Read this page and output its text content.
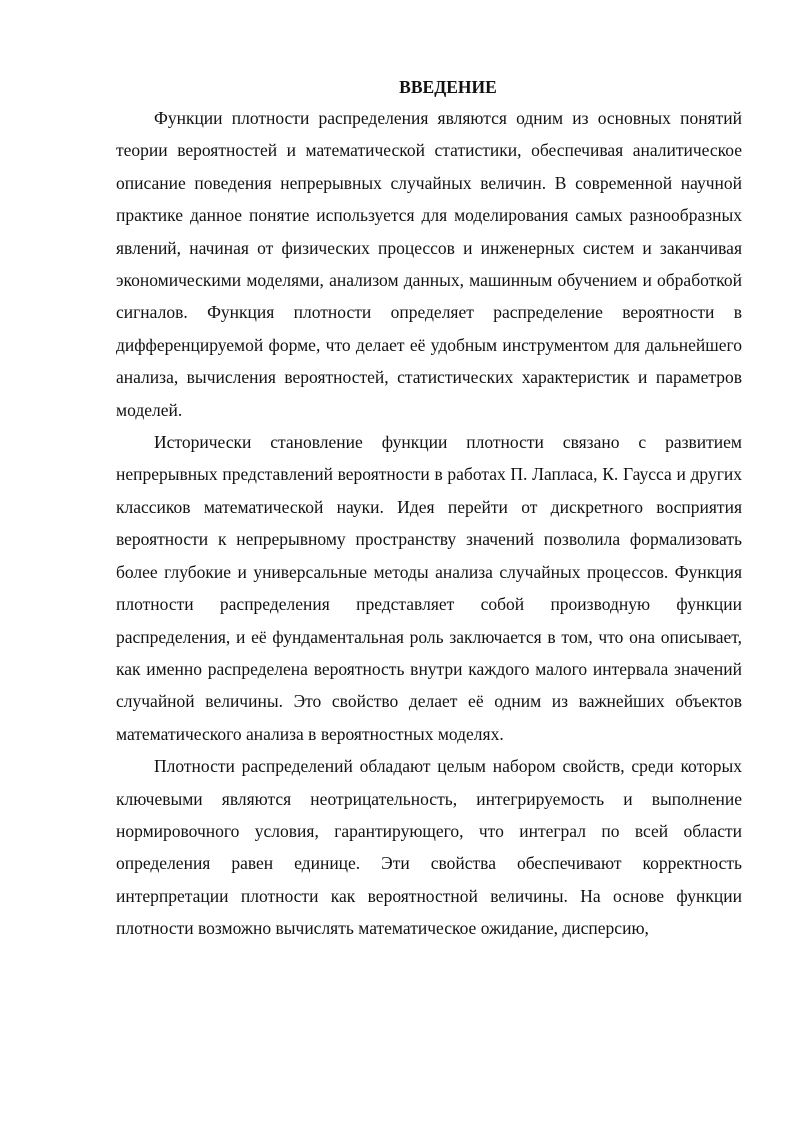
ВВЕДЕНИЕ

Функции плотности распределения являются одним из основных понятий теории вероятностей и математической статистики, обеспечивая аналитическое описание поведения непрерывных случайных величин. В современной научной практике данное понятие используется для моделирования самых разнообразных явлений, начиная от физических процессов и инженерных систем и заканчивая экономическими моделями, анализом данных, машинным обучением и обработкой сигналов. Функция плотности определяет распределение вероятности в дифференцируемой форме, что делает её удобным инструментом для дальнейшего анализа, вычисления вероятностей, статистических характеристик и параметров моделей.

Исторически становление функции плотности связано с развитием непрерывных представлений вероятности в работах П. Лапласа, К. Гаусса и других классиков математической науки. Идея перейти от дискретного восприятия вероятности к непрерывному пространству значений позволила формализовать более глубокие и универсальные методы анализа случайных процессов. Функция плотности распределения представляет собой производную функции распределения, и её фундаментальная роль заключается в том, что она описывает, как именно распределена вероятность внутри каждого малого интервала значений случайной величины. Это свойство делает её одним из важнейших объектов математического анализа в вероятностных моделях.

Плотности распределений обладают целым набором свойств, среди которых ключевыми являются неотрицательность, интегрируемость и выполнение нормировочного условия, гарантирующего, что интеграл по всей области определения равен единице. Эти свойства обеспечивают корректность интерпретации плотности как вероятностной величины. На основе функции плотности возможно вычислять математическое ожидание, дисперсию,
